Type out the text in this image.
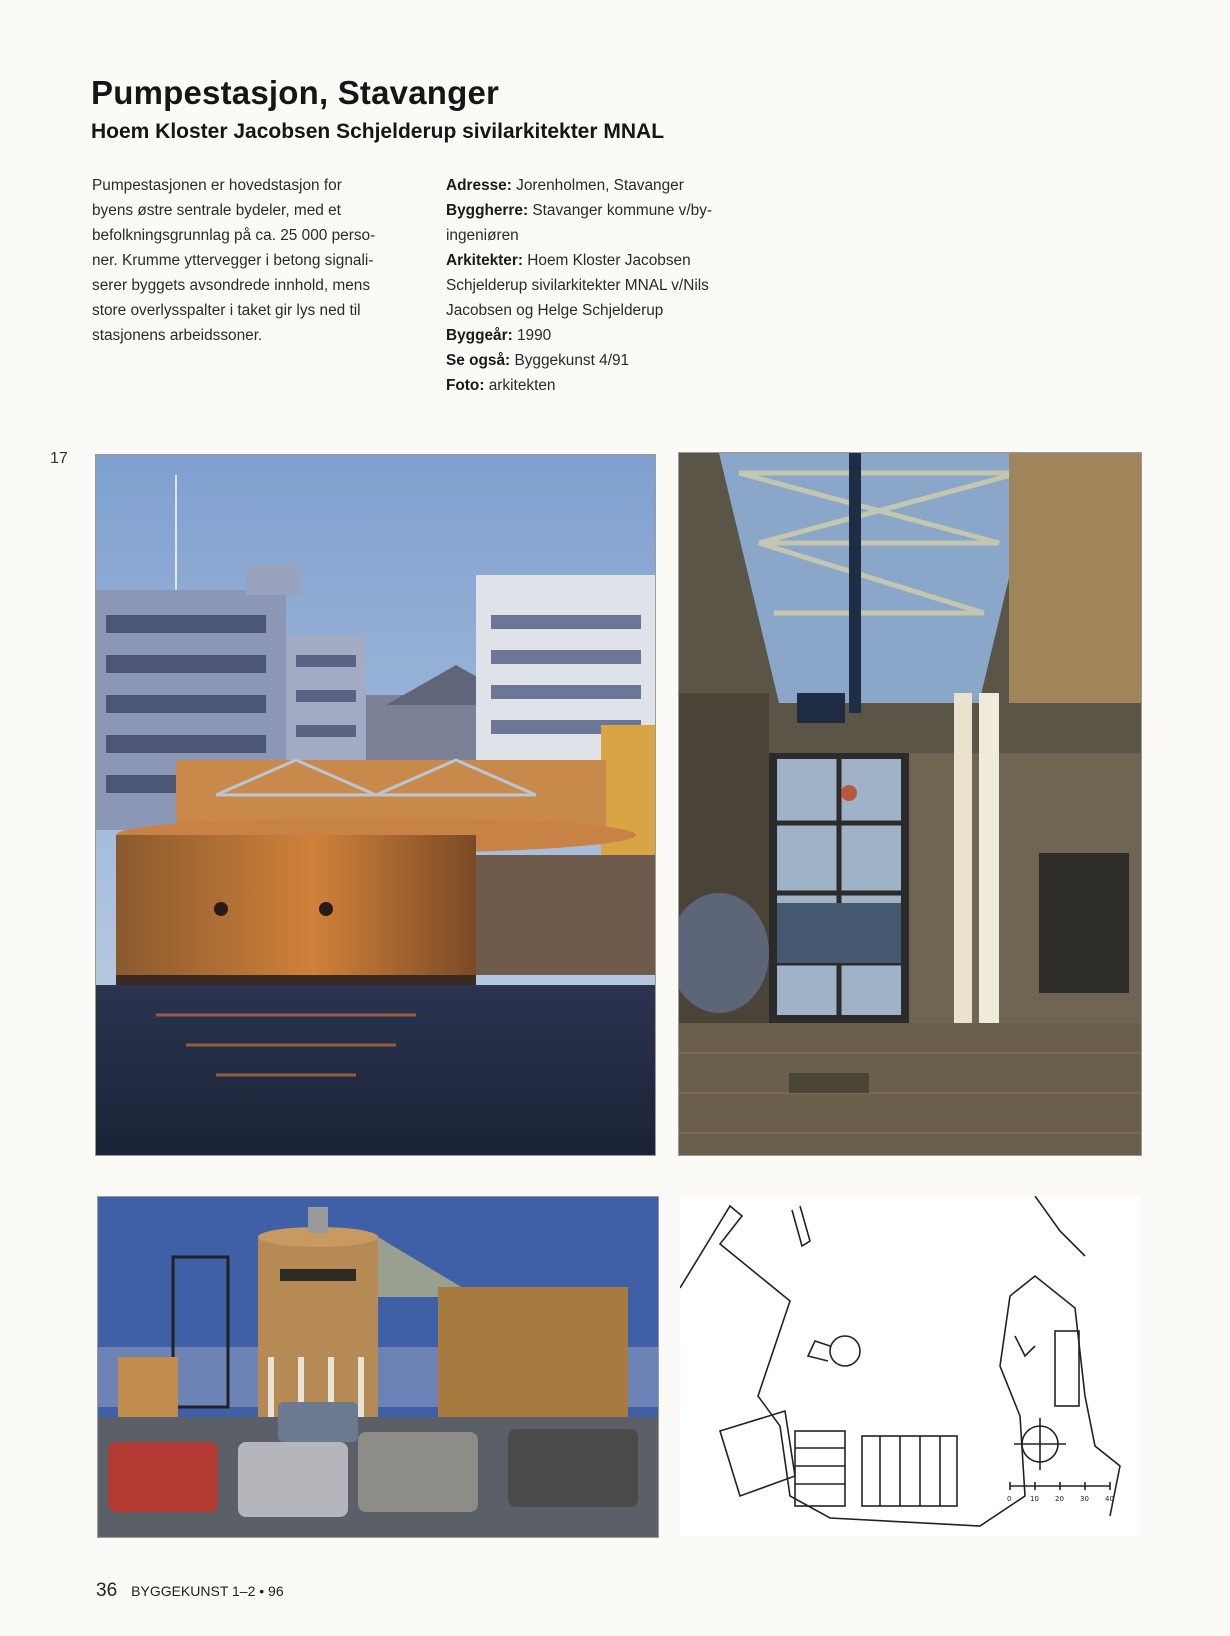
Pumpestasjon, Stavanger
Hoem Kloster Jacobsen Schjelderup sivilarkitekter MNAL
Pumpestasjonen er hovedstasjon for
byens østre sentrale bydeler, med et
befolkningsgrunnlag på ca. 25 000 perso-
ner. Krumme yttervegger i betong signali-
serer byggets avsondrede innhold, mens
store overlysspalter i taket gir lys ned til
stasjonens arbeidssoner.
Adresse: Jorenholmen, Stavanger
Byggherre: Stavanger kommune v/by-
ingeniøren
Arkitekter: Hoem Kloster Jacobsen
Schjelderup sivilarkitekter MNAL v/Nils
Jacobsen og Helge Schjelderup
Byggeår: 1990
Se også: Byggekunst 4/91
Foto: arkitekten
17
0	10 20 30 40
36 BYGGEKUNST 1–2 • 96
